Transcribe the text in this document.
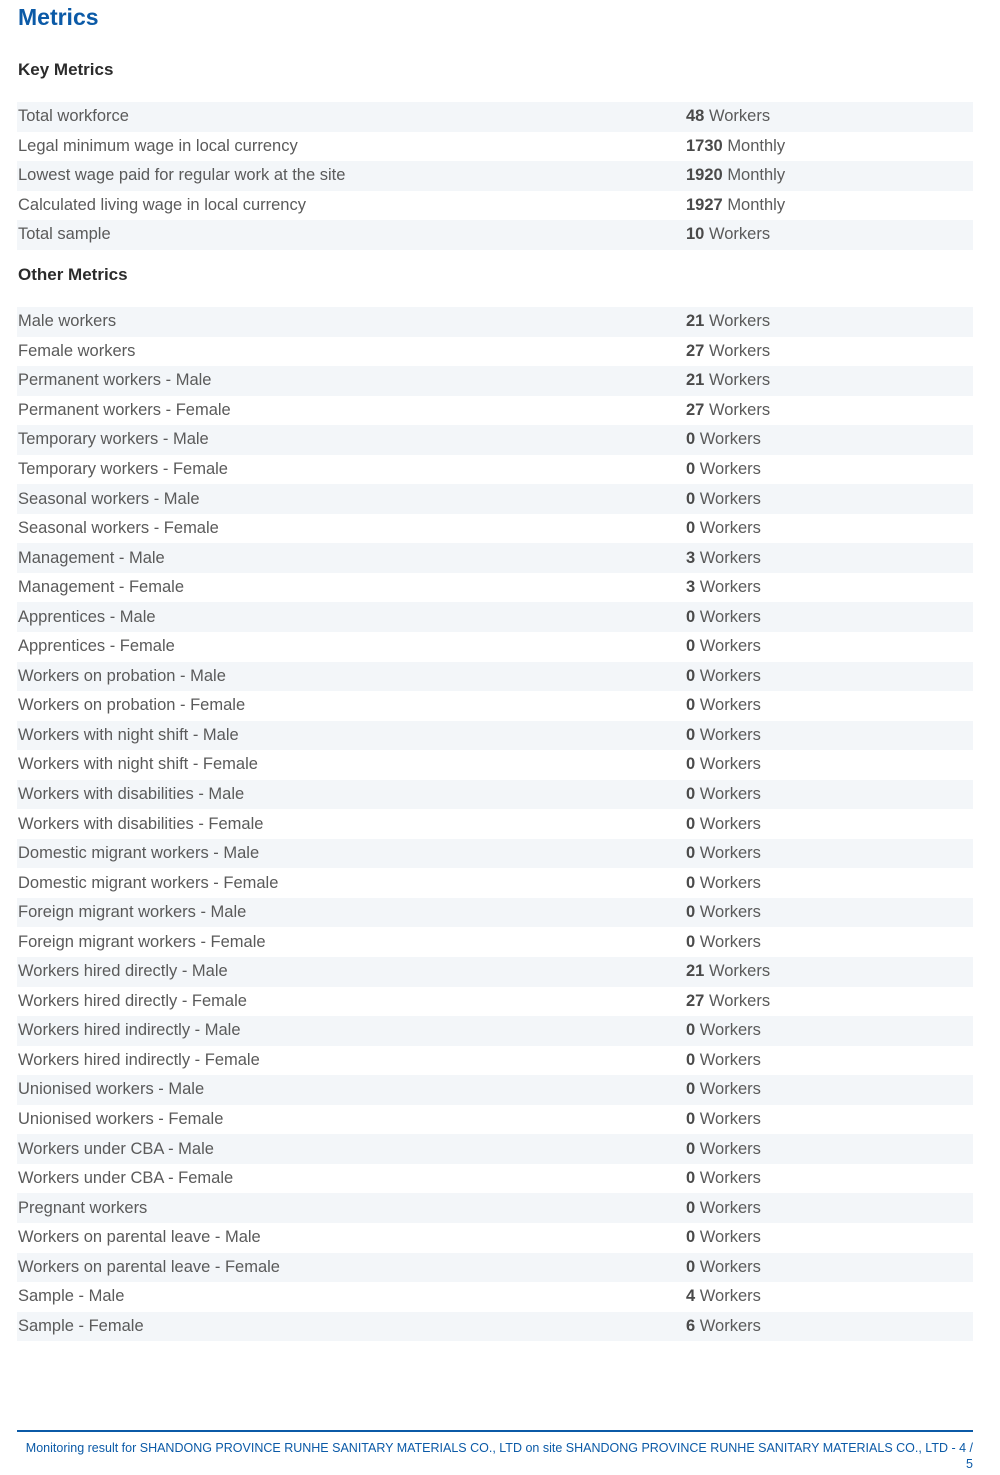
Metrics
Key Metrics
Total workforce	48 Workers
Legal minimum wage in local currency	1730 Monthly
Lowest wage paid for regular work at the site	1920 Monthly
Calculated living wage in local currency	1927 Monthly
Total sample	10 Workers
Other Metrics
Male workers	21 Workers
Female workers	27 Workers
Permanent workers - Male	21 Workers
Permanent workers - Female	27 Workers
Temporary workers - Male	0 Workers
Temporary workers - Female	0 Workers
Seasonal workers - Male	0 Workers
Seasonal workers - Female	0 Workers
Management - Male	3 Workers
Management - Female	3 Workers
Apprentices - Male	0 Workers
Apprentices - Female	0 Workers
Workers on probation - Male	0 Workers
Workers on probation - Female	0 Workers
Workers with night shift - Male	0 Workers
Workers with night shift - Female	0 Workers
Workers with disabilities - Male	0 Workers
Workers with disabilities - Female	0 Workers
Domestic migrant workers - Male	0 Workers
Domestic migrant workers - Female	0 Workers
Foreign migrant workers - Male	0 Workers
Foreign migrant workers - Female	0 Workers
Workers hired directly - Male	21 Workers
Workers hired directly - Female	27 Workers
Workers hired indirectly - Male	0 Workers
Workers hired indirectly - Female	0 Workers
Unionised workers - Male	0 Workers
Unionised workers - Female	0 Workers
Workers under CBA - Male	0 Workers
Workers under CBA - Female	0 Workers
Pregnant workers	0 Workers
Workers on parental leave - Male	0 Workers
Workers on parental leave - Female	0 Workers
Sample - Male	4 Workers
Sample - Female	6 Workers
Monitoring result for SHANDONG PROVINCE RUNHE SANITARY MATERIALS CO., LTD on site SHANDONG PROVINCE RUNHE SANITARY MATERIALS CO., LTD - 4 / 5
